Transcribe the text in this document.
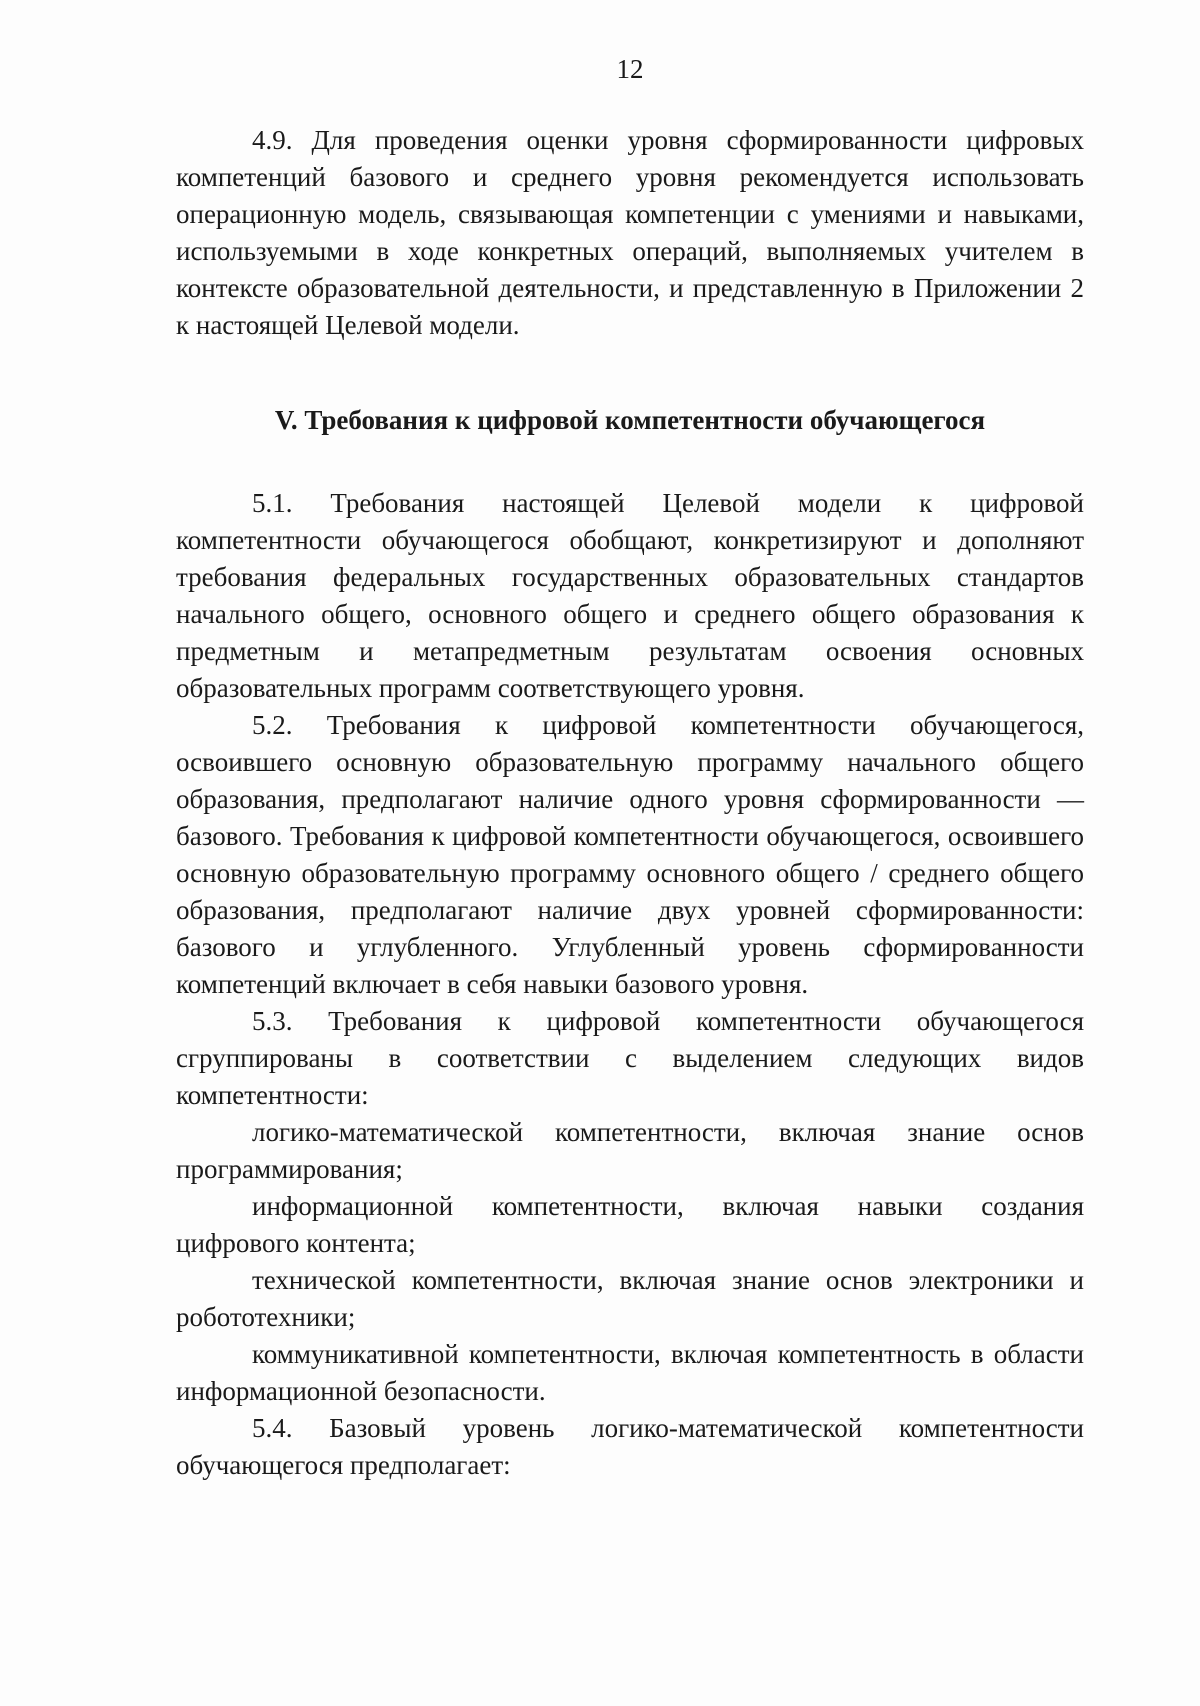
12

4.9. Для проведения оценки уровня сформированности цифровых компетенций базового и среднего уровня рекомендуется использовать операционную модель, связывающая компетенции с умениями и навыками, используемыми в ходе конкретных операций, выполняемых учителем в контексте образовательной деятельности, и представленную в Приложении 2 к настоящей Целевой модели.

V. Требования к цифровой компетентности обучающегося

5.1. Требования настоящей Целевой модели к цифровой компетентности обучающегося обобщают, конкретизируют и дополняют требования федеральных государственных образовательных стандартов начального общего, основного общего и среднего общего образования к предметным и метапредметным результатам освоения основных образовательных программ соответствующего уровня.

5.2. Требования к цифровой компетентности обучающегося, освоившего основную образовательную программу начального общего образования, предполагают наличие одного уровня сформированности — базового. Требования к цифровой компетентности обучающегося, освоившего основную образовательную программу основного общего / среднего общего образования, предполагают наличие двух уровней сформированности: базового и углубленного. Углубленный уровень сформированности компетенций включает в себя навыки базового уровня.

5.3. Требования к цифровой компетентности обучающегося сгруппированы в соответствии с выделением следующих видов компетентности:

логико-математической компетентности, включая знание основ программирования;

информационной компетентности, включая навыки создания цифрового контента;

технической компетентности, включая знание основ электроники и робототехники;

коммуникативной компетентности, включая компетентность в области информационной безопасности.

5.4. Базовый уровень логико-математической компетентности обучающегося предполагает:
